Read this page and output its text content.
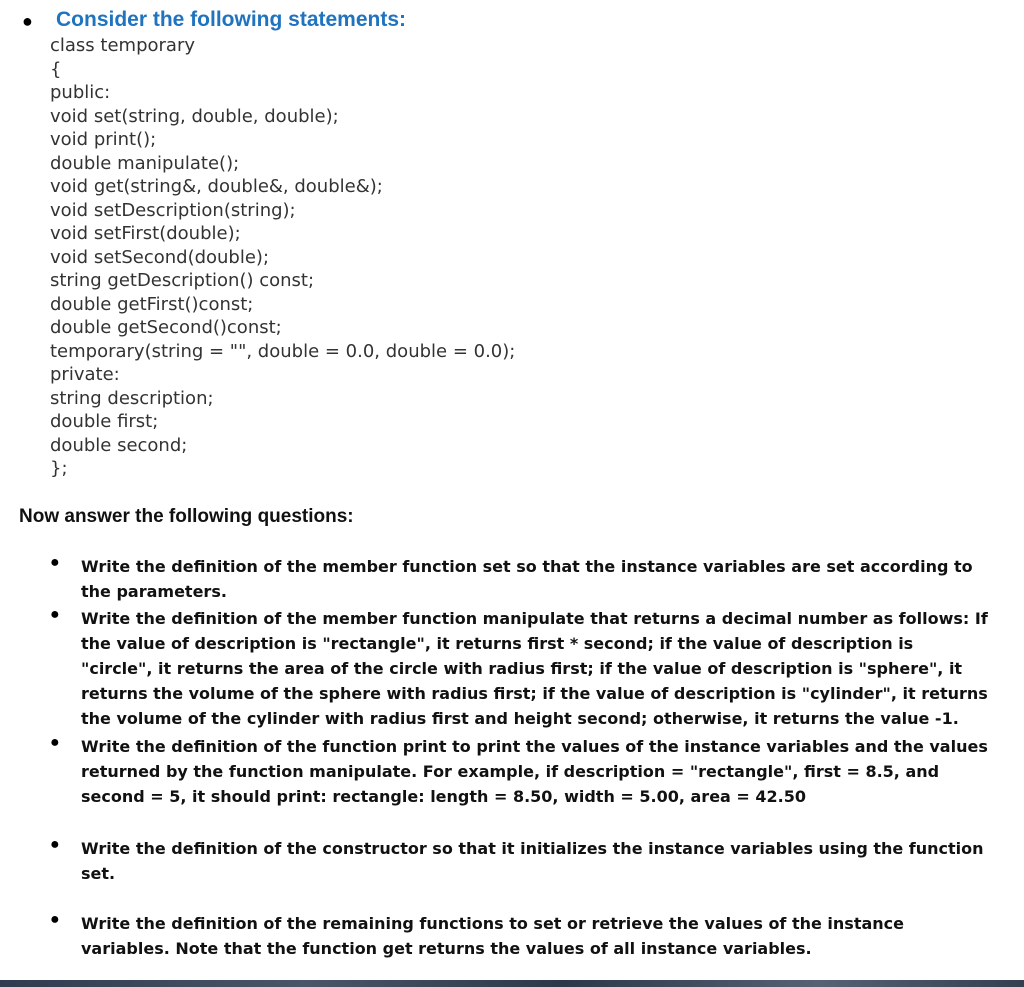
● Consider the following statements:
class temporary
{
public:
void set(string, double, double);
void print();
double manipulate();
void get(string&, double&, double&);
void setDescription(string);
void setFirst(double);
void setSecond(double);
string getDescription() const;
double getFirst()const;
double getSecond()const;
temporary(string = "", double = 0.0, double = 0.0);
private:
string description;
double first;
double second;
};
Now answer the following questions:
● Write the definition of the member function set so that the instance variables are set according to the parameters.
● Write the definition of the member function manipulate that returns a decimal number as follows: If the value of description is "rectangle", it returns first * second; if the value of description is "circle", it returns the area of the circle with radius first; if the value of description is "sphere", it returns the volume of the sphere with radius first; if the value of description is "cylinder", it returns the volume of the cylinder with radius first and height second; otherwise, it returns the value -1.
● Write the definition of the function print to print the values of the instance variables and the values returned by the function manipulate. For example, if description = "rectangle", first = 8.5, and second = 5, it should print: rectangle: length = 8.50, width = 5.00, area = 42.50
● Write the definition of the constructor so that it initializes the instance variables using the function set.
● Write the definition of the remaining functions to set or retrieve the values of the instance variables. Note that the function get returns the values of all instance variables.
